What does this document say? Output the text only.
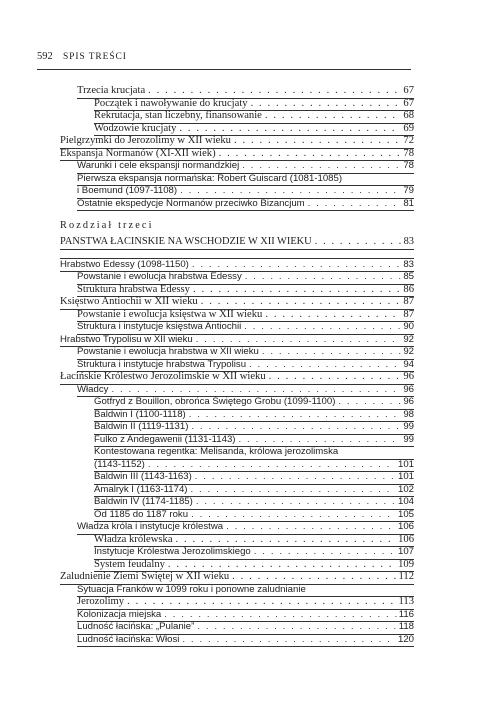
592 SPIS TREŚCI
Trzecia krucjata . . .	67
Początek i nawoływanie do krucjaty . . .	67
Rekrutacja, stan liczebny, finansowanie . . .	68
Wodzowie krucjaty . . .	69
Pielgrzymki do Jerozolimy w XII wieku . . .	72
Ekspansja Normanów (XI-XII wiek) . . .	78
Warunki i cele ekspansji normandzkiej . . .	78
Pierwsza ekspansja normańska: Robert Guiscard (1081-1085)
i Boemund (1097-1108) . . .	79
Ostatnie ekspedycje Normanów przeciwko Bizancjum . . .	81
Rozdział trzeci
PAŃSTWA ŁACIŃSKIE NA WSCHODZIE W XII WIEKU . . .	83
Hrabstwo Edessy (1098-1150) . . .	83
Powstanie i ewolucja hrabstwa Edessy . . .	85
Struktura hrabstwa Edessy . . .	86
Księstwo Antiochii w XII wieku . . .	87
Powstanie i ewolucja księstwa w XII wieku . . .	87
Struktura i instytucje księstwa Antiochii . . .	90
Hrabstwo Trypolisu w XII wieku . . .	92
Powstanie i ewolucja hrabstwa w XII wieku . . .	92
Struktura i instytucje hrabstwa Trypolisu . . .	94
Łacińskie Królestwo Jerozolimskie w XII wieku . . .	96
Władcy . . .	96
Gotfryd z Bouillon, obrońca Świętego Grobu (1099-1100) . . .	96
Baldwin I (1100-1118) . . .	98
Baldwin II (1119-1131) . . .	99
Fulko z Andegawenii (1131-1143) . . .	99
Kontestowana regentka: Melisanda, królowa jerozolimska
(1143-1152) . . .	101
Baldwin III (1143-1163) . . .	101
Amalryk I (1163-1174) . . .	102
Baldwin IV (1174-1185) . . .	104
Od 1185 do 1187 roku . . .	105
Władza króla i instytucje królestwa . . .	106
Władza królewska . . .	106
Instytucje Królestwa Jerozolimskiego . . .	107
System feudalny . . .	109
Zaludnienie Ziemi Świętej w XII wieku . . .	112
Sytuacja Franków w 1099 roku i ponowne zaludnianie
Jerozolimy . . .	113
Kolonizacja miejska . . .	116
Ludność łacińska: „Pulanie” . . .	118
Ludność łacińska: Włosi . . .	120
